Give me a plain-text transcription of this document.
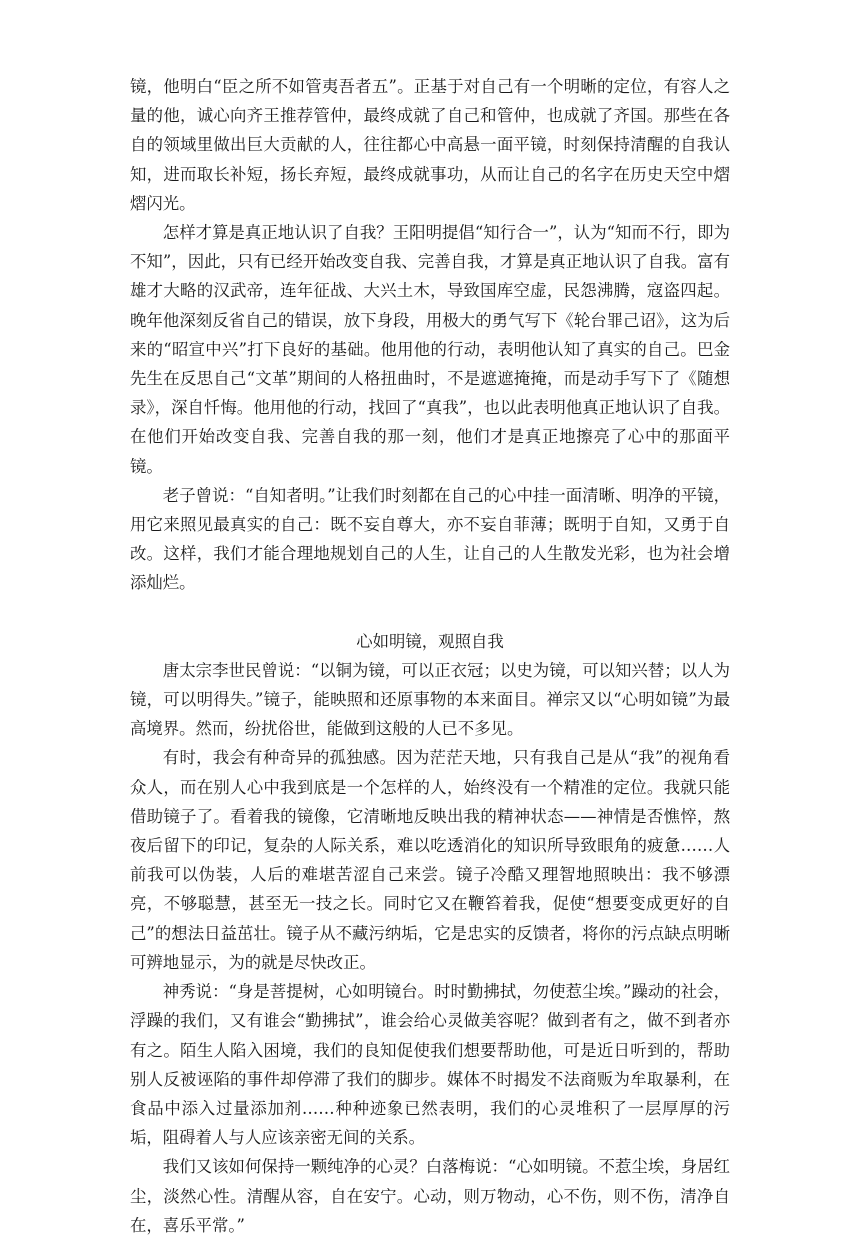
镜，他明白“臣之所不如管夷吾者五”。正基于对自己有一个明晰的定位，有容人之量的他，诚心向齐王推荐管仲，最终成就了自己和管仲，也成就了齐国。那些在各自的领域里做出巨大贡献的人，往往都心中高悬一面平镜，时刻保持清醒的自我认知，进而取长补短，扬长弃短，最终成就事功，从而让自己的名字在历史天空中熠熠闪光。

怎样才算是真正地认识了自我？王阳明提倡“知行合一”，认为“知而不行，即为不知”，因此，只有已经开始改变自我、完善自我，才算是真正地认识了自我。富有雄才大略的汉武帝，连年征战、大兴土木，导致国库空虚，民怨沸腾，寇盗四起。晚年他深刻反省自己的错误，放下身段，用极大的勇气写下《轮台罪己诏》，这为后来的“昭宣中兴”打下良好的基础。他用他的行动，表明他认知了真实的自己。巴金先生在反思自己“文革”期间的人格扭曲时，不是遮遮掩掩，而是动手写下了《随想录》，深自忏悔。他用他的行动，找回了“真我”，也以此表明他真正地认识了自我。在他们开始改变自我、完善自我的那一刻，他们才是真正地擦亮了心中的那面平镜。

老子曾说：“自知者明。”让我们时刻都在自己的心中挂一面清晰、明净的平镜，用它来照见最真实的自己：既不妄自尊大，亦不妄自菲薄；既明于自知，又勇于自改。这样，我们才能合理地规划自己的人生，让自己的人生散发光彩，也为社会增添灿烂。

心如明镜，观照自我

唐太宗李世民曾说：“以铜为镜，可以正衣冠；以史为镜，可以知兴替；以人为镜，可以明得失。”镜子，能映照和还原事物的本来面目。禅宗又以“心明如镜”为最高境界。然而，纷扰俗世，能做到这般的人已不多见。

有时，我会有种奇异的孤独感。因为茫茫天地，只有我自己是从“我”的视角看众人，而在别人心中我到底是一个怎样的人，始终没有一个精准的定位。我就只能借助镜子了。看着我的镜像，它清晰地反映出我的精神状态——神情是否憔悴，熬夜后留下的印记，复杂的人际关系，难以吃透消化的知识所导致眼角的疲惫……人前我可以伪装，人后的难堪苦涩自己来尝。镜子冷酷又理智地照映出：我不够漂亮，不够聪慧，甚至无一技之长。同时它又在鞭笞着我，促使“想要变成更好的自己”的想法日益茁壮。镜子从不藏污纳垢，它是忠实的反馈者，将你的污点缺点明晰可辨地显示，为的就是尽快改正。

神秀说：“身是菩提树，心如明镜台。时时勤拂拭，勿使惹尘埃。”躁动的社会，浮躁的我们，又有谁会“勤拂拭”，谁会给心灵做美容呢？做到者有之，做不到者亦有之。陌生人陷入困境，我们的良知促使我们想要帮助他，可是近日听到的，帮助别人反被诬陷的事件却停滞了我们的脚步。媒体不时揭发不法商贩为牟取暴利，在食品中添入过量添加剂……种种迹象已然表明，我们的心灵堆积了一层厚厚的污垢，阻碍着人与人应该亲密无间的关系。

我们又该如何保持一颗纯净的心灵？白落梅说：“心如明镜。不惹尘埃，身居红尘，淡然心性。清醒从容，自在安宁。心动，则万物动，心不伤，则不伤，清净自在，喜乐平常。”
